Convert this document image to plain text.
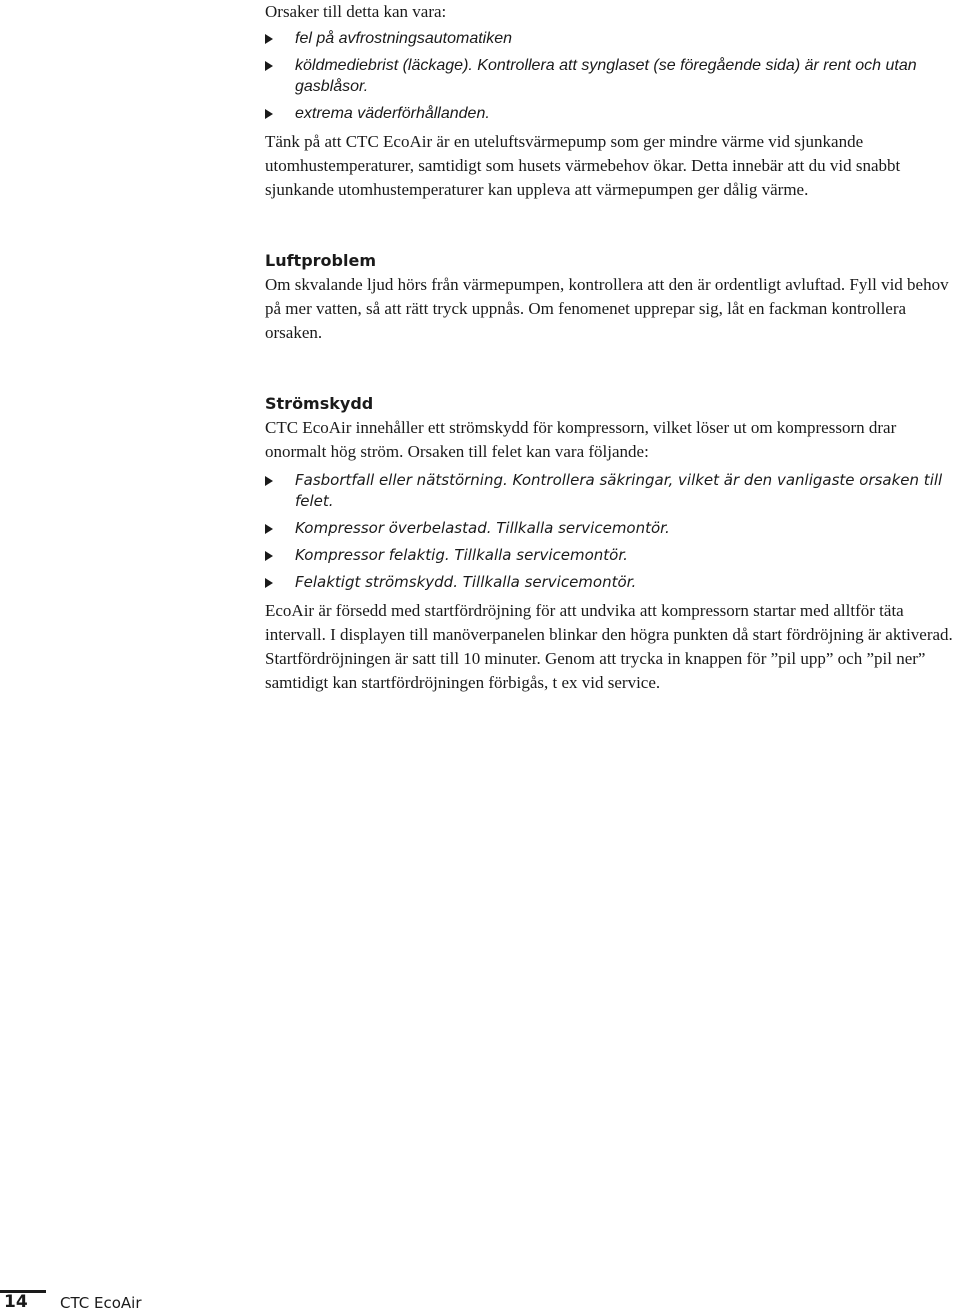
Orsaker till detta kan vara:

fel på avfrostningsautomatiken
köldmediebrist (läckage). Kontrollera att synglaset (se föregående sida) är rent och utan gasblåsor.
extrema väderförhållanden.

Tänk på att CTC EcoAir är en uteluftsvärmepump som ger mindre värme vid sjunkande utomhustemperaturer, samtidigt som husets värmebehov ökar. Detta innebär att du vid snabbt sjunkande utomhustemperaturer kan uppleva att värmepumpen ger dålig värme.

Luftproblem

Om skvalande ljud hörs från värmepumpen, kontrollera att den är ordentligt avluftad. Fyll vid behov på mer vatten, så att rätt tryck uppnås. Om fenomenet upprepar sig, låt en fackman kontrollera orsaken.

Strömskydd

CTC EcoAir innehåller ett strömskydd för kompressorn, vilket löser ut om kompressorn drar onormalt hög ström. Orsaken till felet kan vara följande:

Fasbortfall eller nätstörning. Kontrollera säkringar, vilket är den vanligaste orsaken till felet.
Kompressor överbelastad. Tillkalla servicemontör.
Kompressor felaktig. Tillkalla servicemontör.
Felaktigt strömskydd. Tillkalla servicemontör.

EcoAir är försedd med startfördröjning för att undvika att kompressorn startar med alltför täta intervall. I displayen till manöverpanelen blinkar den högra punkten då start fördröjning är aktiverad. Startfördröjningen är satt till 10 minuter. Genom att trycka in knappen för ”pil upp” och ”pil ner” samtidigt kan startfördröjningen förbigås, t ex vid service.

14 CTC EcoAir
